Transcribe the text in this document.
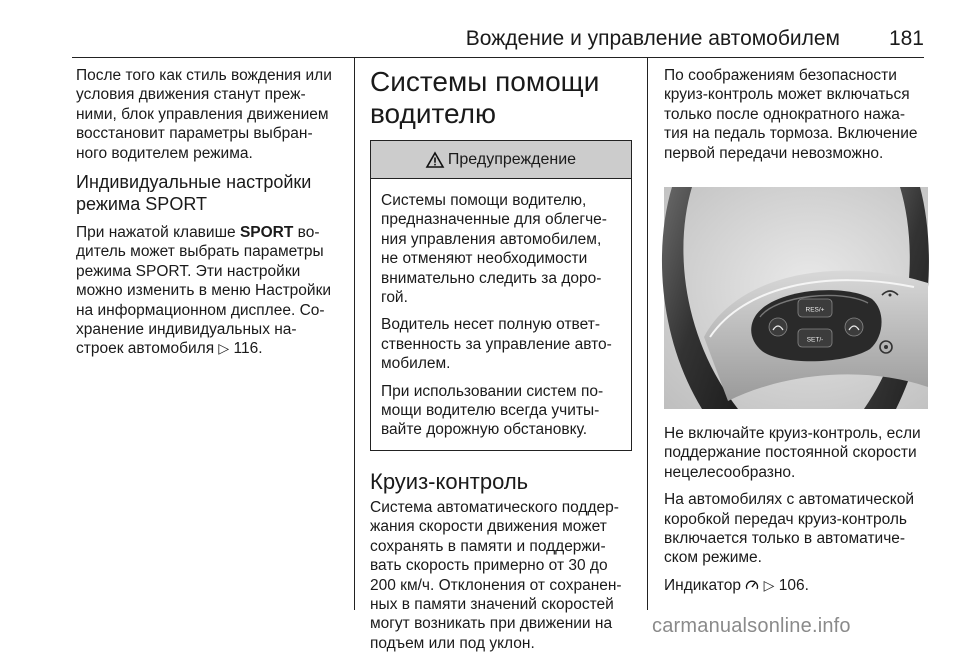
Вождение и управление автомобилем 181

После того как стиль вождения или
условия движения станут преж-
ними, блок управления движением
восстановит параметры выбран-
ного водителем режима.

Индивидуальные настройки
режима SPORT

При нажатой клавише SPORT во-
дитель может выбрать параметры
режима SPORT. Эти настройки
можно изменить в меню Настройки
на информационном дисплее. Со-
хранение индивидуальных на-
строек автомобиля ▷ 116.

Системы помощи
водителю
Предупреждение

Системы помощи водителю,
предназначенные для облегче-
ния управления автомобилем,
не отменяют необходимости
внимательно следить за доро-
гой.

Водитель несет полную ответ-
ственность за управление авто-
мобилем.

При использовании систем по-
мощи водителю всегда учиты-
вайте дорожную обстановку.

Круиз-контроль

Система автоматического поддер-
жания скорости движения может
сохранять в памяти и поддержи-
вать скорость примерно от 30 до
200 км/ч. Отклонения от сохранен-
ных в памяти значений скоростей
могут возникать при движении на
подъем или под уклон.

По соображениям безопасности
круиз-контроль может включаться
только после однократного нажа-
тия на педаль тормоза. Включение
первой передачи невозможно.

RES/+
SET/-

Не включайте круиз-контроль, если
поддержание постоянной скорости
нецелесообразно.

На автомобилях с автоматической
коробкой передач круиз-контроль
включается только в автоматиче-
ском режиме.

Индикатор ▷ 106.

carmanualsonline.info
